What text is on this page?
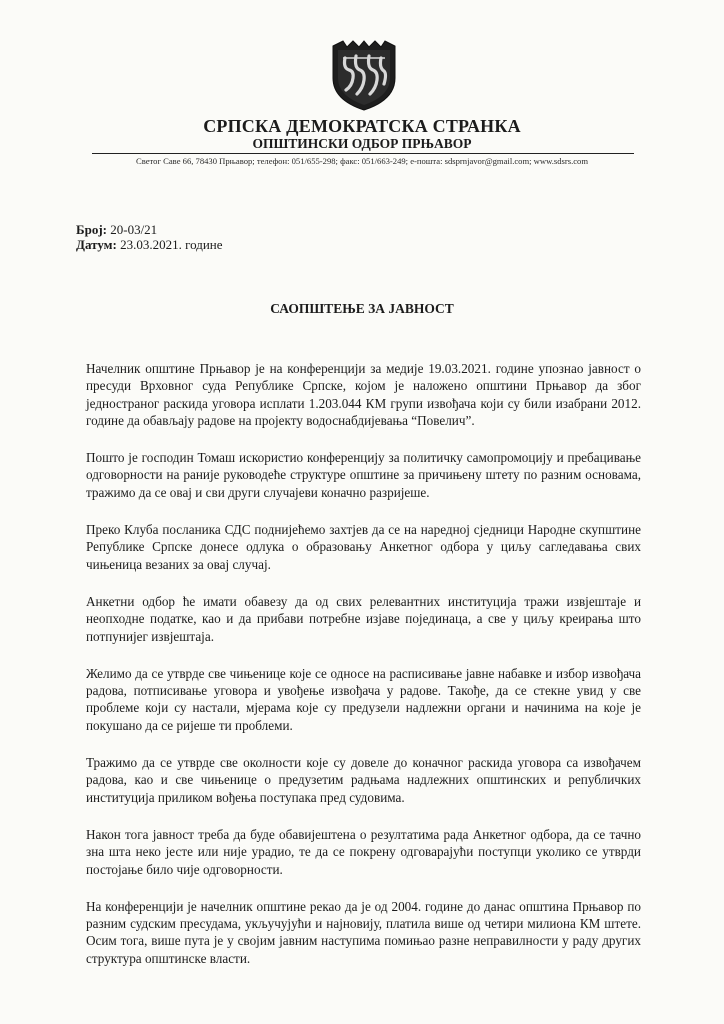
СРПСКА ДЕМОКРАТСКА СТРАНКА
ОПШТИНСКИ ОДБОР ПРЊАВОР
Светог Саве 66, 78430 Прњавор; телефон: 051/655-298; факс: 051/663-249; е-пошта: sdsprnjavor@gmail.com; www.sdsrs.com
Број: 20-03/21
Датум: 23.03.2021. године
САОПШТЕЊЕ ЗА ЈАВНОСТ

Начелник општине Прњавор је на конференцији за медије 19.03.2021. године упознао јавност о пресуди Врховног суда Републике Српске, којом је наложено општини Прњавор да због једностраног раскида уговора исплати 1.203.044 КМ групи извођача који су били изабрани 2012. године да обављају радове на пројекту водоснабдијевања “Повелич”.

Пошто је господин Томаш искористио конференцију за политичку самопромоцију и пребацивање одговорности на раније руководеће структуре општине за причињену штету по разним основама, тражимо да се овај и сви други случајеви коначно разријеше.

Преко Клуба посланика СДС поднијећемо захтјев да се на наредној сједници Народне скупштине Републике Српске донесе одлука о образовању Анкетног одбора у циљу сагледавања свих чињеница везаних за овај случај.

Анкетни одбор ће имати обавезу да од свих релевантних институција тражи извјештаје и неопходне податке, као и да прибави потребне изјаве појединаца, а све у циљу креирања што потпунијег извјештаја.

Желимо да се утврде све чињенице које се односе на расписивање јавне набавке и избор извођача радова, потписивање уговора и увођење извођача у радове. Такође, да се стекне увид у све проблеме који су настали, мјерама које су предузели надлежни органи и начинима на које је покушано да се ријеше ти проблеми.

Тражимо да се утврде све околности које су довеле до коначног раскида уговора са извођачем радова, као и све чињенице о предузетим радњама надлежних општинских и републичких институција приликом вођења поступака пред судовима.

Након тога јавност треба да буде обавијештена о резултатима рада Анкетног одбора, да се тачно зна шта неко јесте или није урадио, те да се покрену одговарајући поступци уколико се утврди постојање било чије одговорности.

На конференцији је начелник општине рекао да је од 2004. године до данас општина Прњавор по разним судским пресудама, укључујући и најновију, платила више од четири милиона КМ штете. Осим тога, више пута је у својим јавним наступима помињао разне неправилности у раду других структура општинске власти.
